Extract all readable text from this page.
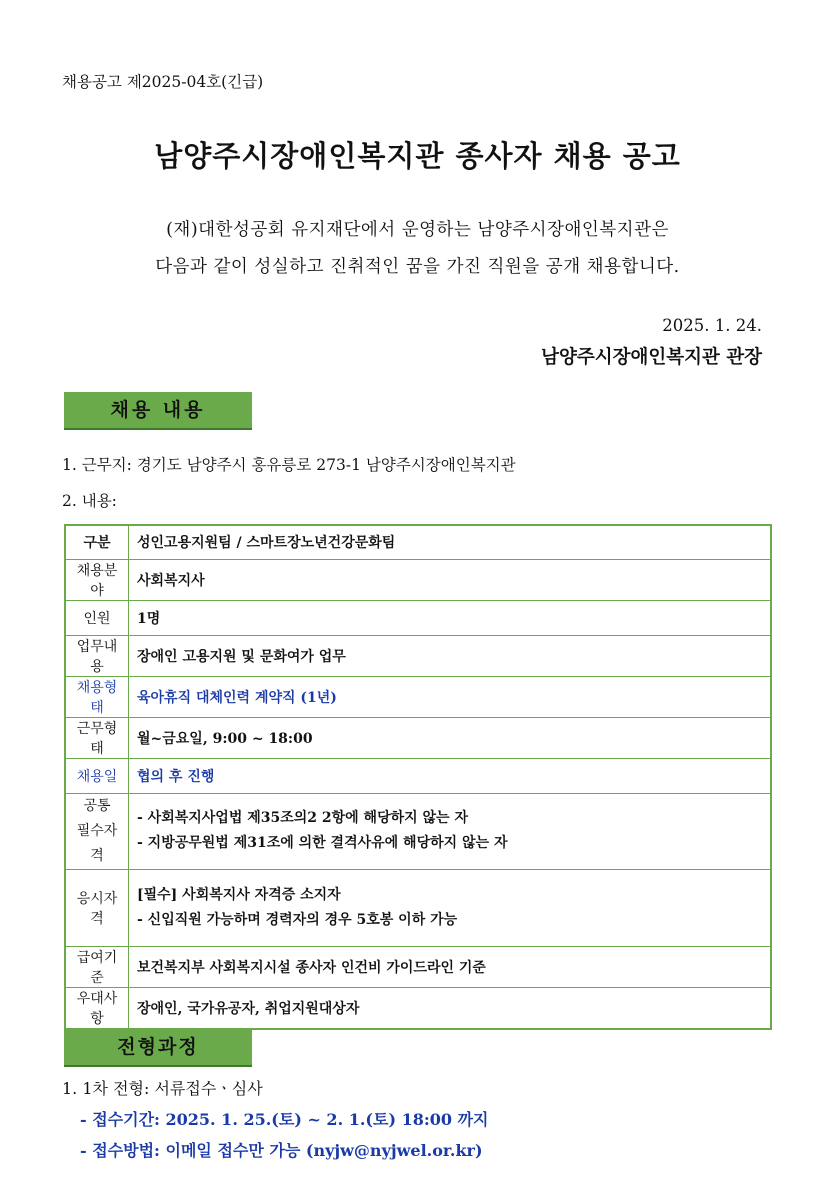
채용공고 제2025-04호(긴급)
남양주시장애인복지관 종사자 채용 공고
(재)대한성공회 유지재단에서 운영하는 남양주시장애인복지관은
다음과 같이 성실하고 진취적인 꿈을 가진 직원을 공개 채용합니다.
2025. 1. 24.
남양주시장애인복지관 관장
채용 내용
1. 근무지: 경기도 남양주시 홍유릉로 273-1 남양주시장애인복지관
2. 내용:
구분	성인고용지원팀 / 스마트장노년건강문화팀
채용분야	사회복지사
인원	1명
업무내용	장애인 고용지원 및 문화여가 업무
채용형태	육아휴직 대체인력 계약직 (1년)
근무형태	월~금요일, 9:00 ~ 18:00
채용일	협의 후 진행

공통
필수자격	- 사회복지사업법 제35조의2 2항에 해당하지 않는 자
- 지방공무원법 제31조에 의한 결격사유에 해당하지 않는 자

응시자격	[필수] 사회복지사 자격증 소지자
- 신입직원 가능하며 경력자의 경우 5호봉 이하 가능

급여기준	보건복지부 사회복지시설 종사자 인건비 가이드라인 기준
우대사항	장애인, 국가유공자, 취업지원대상자
전형과정
1. 1차 전형: 서류접수ㆍ심사
- 접수기간: 2025. 1. 25.(토) ~ 2. 1.(토) 18:00 까지
- 접수방법: 이메일 접수만 가능 (nyjw@nyjwel.or.kr)
